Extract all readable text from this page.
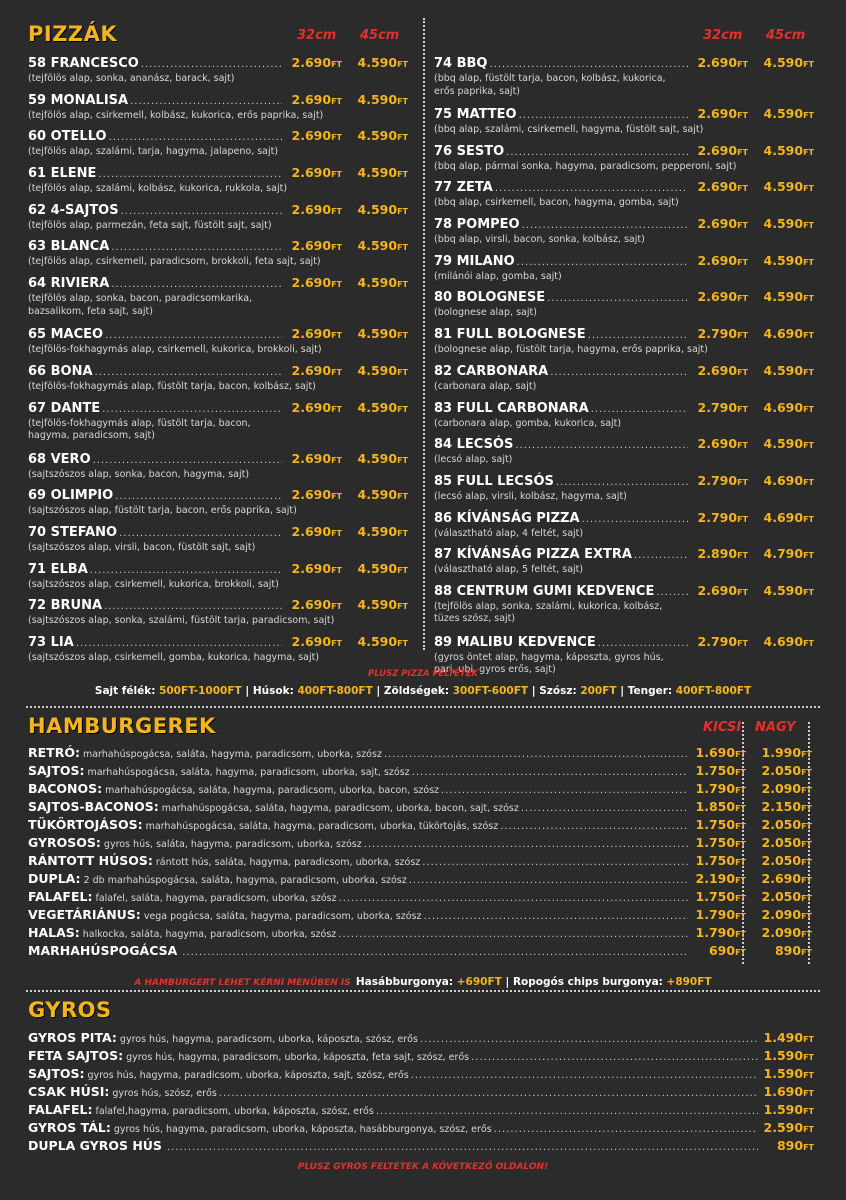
PIZZÁK	32cm 45cm	32cm 45cm
58 FRANCESCO .....	2.690FT	4.590FT
(tejfölös alap, sonka, ananász, barack, sajt)
59 MONALISA .....	2.690FT	4.590FT
(tejfölös alap, csirkemell, kolbász, kukorica, erős paprika, sajt)
60 OTELLO .....	2.690FT	4.590FT
(tejfölös alap, szalámi, tarja, hagyma, jalapeno, sajt)
61 ELENE .....	2.690FT	4.590FT
(tejfölös alap, szalámi, kolbász, kukorica, rukkola, sajt)
62 4-SAJTOS .....	2.690FT	4.590FT
(tejfölös alap, parmezán, feta sajt, füstölt sajt, sajt)
63 BLANCA .....	2.690FT	4.590FT
(tejfölös alap, csirkemell, paradicsom, brokkoli, feta sajt, sajt)
64 RIVIERA .....	2.690FT	4.590FT
(tejfölös alap, sonka, bacon, paradicsomkarika, bazsalikom, feta sajt, sajt)
65 MACEO .....	2.690FT	4.590FT
(tejfölös-fokhagymás alap, csirkemell, kukorica, brokkoli, sajt)
66 BONA .....	2.690FT	4.590FT
(tejfölös-fokhagymás alap, füstölt tarja, bacon, kolbász, sajt)
67 DANTE .....	2.690FT	4.590FT
(tejfölös-fokhagymás alap, füstölt tarja, bacon, hagyma, paradicsom, sajt)
68 VERO .....	2.690FT	4.590FT
(sajtszószos alap, sonka, bacon, hagyma, sajt)
69 OLIMPIO .....	2.690FT	4.590FT
(sajtszószos alap, füstölt tarja, bacon, erős paprika, sajt)
70 STEFANO .....	2.690FT	4.590FT
(sajtszószos alap, virsli, bacon, füstölt sajt, sajt)
71 ELBA .....	2.690FT	4.590FT
(sajtszószos alap, csirkemell, kukorica, brokkoli, sajt)
72 BRUNA .....	2.690FT	4.590FT
(sajtszószos alap, sonka, szalámi, füstölt tarja, paradicsom, sajt)
73 LIA .....	2.690FT	4.590FT
(sajtszószos alap, csirkemell, gomba, kukorica, hagyma, sajt)
74 BBQ .....	2.690FT	4.590FT
(bbq alap, füstölt tarja, bacon, kolbász, kukorica, erős paprika, sajt)
75 MATTEO .....	2.690FT	4.590FT
(bbq alap, szalámi, csirkemell, hagyma, füstölt sajt, sajt)
76 SESTO .....	2.690FT	4.590FT
(bbq alap, pármai sonka, hagyma, paradicsom, pepperoni, sajt)
77 ZETA .....	2.690FT	4.590FT
(bbq alap, csirkemell, bacon, hagyma, gomba, sajt)
78 POMPEO .....	2.690FT	4.590FT
(bbq alap, virsli, bacon, sonka, kolbász, sajt)
79 MILANO .....	2.690FT	4.590FT
(milánói alap, gomba, sajt)
80 BOLOGNESE .....	2.690FT	4.590FT
(bolognese alap, sajt)
81 FULL BOLOGNESE .....	2.790FT	4.690FT
(bolognese alap, füstölt tarja, hagyma, erős paprika, sajt)
82 CARBONARA .....	2.690FT	4.590FT
(carbonara alap, sajt)
83 FULL CARBONARA .....	2.790FT	4.690FT
(carbonara alap, gomba, kukorica, sajt)
84 LECSÓS .....	2.690FT	4.590FT
(lecsó alap, sajt)
85 FULL LECSÓS .....	2.790FT	4.690FT
(lecsó alap, virsli, kolbász, hagyma, sajt)
86 KÍVÁNSÁG PIZZA .....	2.790FT	4.690FT
(választható alap, 4 feltét, sajt)
87 KÍVÁNSÁG PIZZA EXTRA .....	2.890FT	4.790FT
(választható alap, 5 feltét, sajt)
88 CENTRUM GUMI KEDVENCE .....	2.690FT	4.590FT
(tejfölös alap, sonka, szalámi, kukorica, kolbász, tüzes szósz, sajt)
89 MALIBU KEDVENCE .....	2.790FT	4.690FT
(gyros öntet alap, hagyma, káposzta, gyros hús, pari, ubi, gyros erős, sajt)
PLUSZ PIZZA FELTÉTEK
Sajt félék: 500FT-1000FT | Húsok: 400FT-800FT | Zöldségek: 300FT-600FT | Szósz: 200FT | Tenger: 400FT-800FT
HAMBURGEREK	KICSI NAGY
RETRÓ: marhahúspogácsa, saláta, hagyma, paradicsom, uborka, szósz .....	1.690FT	1.990FT
SAJTOS: marhahúspogácsa, saláta, hagyma, paradicsom, uborka, sajt, szósz .....	1.750FT	2.050FT
BACONOS: marhahúspogácsa, saláta, hagyma, paradicsom, uborka, bacon, szósz .....	1.790FT	2.090FT
SAJTOS-BACONOS: marhahúspogácsa, saláta, hagyma, paradicsom, uborka, bacon, sajt, szósz .....	1.850FT	2.150FT
TÜKÖRTOJÁSOS: marhahúspogácsa, saláta, hagyma, paradicsom, uborka, tükörtojás, szósz .....	1.750FT	2.050FT
GYROSOS: gyros hús, saláta, hagyma, paradicsom, uborka, szósz .....	1.750FT	2.050FT
RÁNTOTT HÚSOS: rántott hús, saláta, hagyma, paradicsom, uborka, szósz .....	1.750FT	2.050FT
DUPLA: 2 db marhahúspogácsa, saláta, hagyma, paradicsom, uborka, szósz .....	2.190FT	2.690FT
FALAFEL: falafel, saláta, hagyma, paradicsom, uborka, szósz .....	1.750FT	2.050FT
VEGETÁRIÁNUS: vega pogácsa, saláta, hagyma, paradicsom, uborka, szósz .....	1.790FT	2.090FT
HALAS: halkocka, saláta, hagyma, paradicsom, uborka, szósz .....	1.790FT	2.090FT
MARHAHÚSPOGÁCSA .....	690FT	890FT
A HAMBURGERT LEHET KÉRNI MENÜBEN IS Hasábburgonya: +690FT | Ropogós chips burgonya: +890FT
GYROS
GYROS PITA: gyros hús, hagyma, paradicsom, uborka, káposzta, szósz, erős .....	1.490FT
FETA SAJTOS: gyros hús, hagyma, paradicsom, uborka, káposzta, feta sajt, szósz, erős .....	1.590FT
SAJTOS: gyros hús, hagyma, paradicsom, uborka, káposzta, sajt, szósz, erős .....	1.590FT
CSAK HÚSI: gyros hús, szósz, erős .....	1.690FT
FALAFEL: falafel,hagyma, paradicsom, uborka, káposzta, szósz, erős .....	1.590FT
GYROS TÁL: gyros hús, hagyma, paradicsom, uborka, káposzta, hasábburgonya, szósz, erős .....	2.590FT
DUPLA GYROS HÚS .....	890FT
PLUSZ GYROS FELTÉTEK A KÖVETKEZŐ OLDALON!
